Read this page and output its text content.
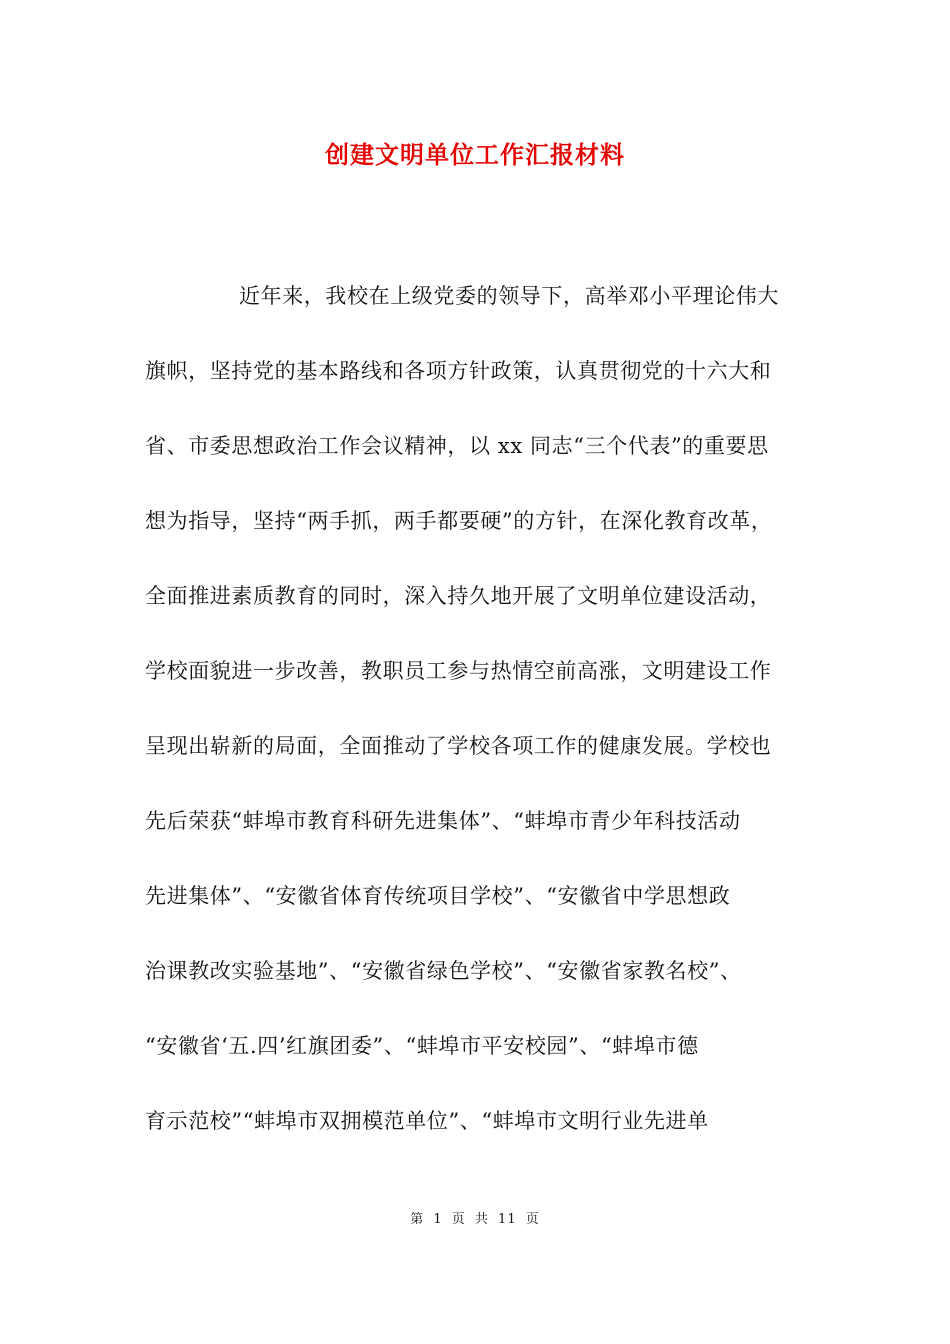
创建文明单位工作汇报材料
近年来，我校在上级党委的领导下，高举邓小平理论伟大
旗帜，坚持党的基本路线和各项方针政策，认真贯彻党的十六大和
省、市委思想政治工作会议精神，以 xx 同志“三个代表”的重要思
想为指导，坚持“两手抓，两手都要硬”的方针，在深化教育改革，
全面推进素质教育的同时，深入持久地开展了文明单位建设活动，
学校面貌进一步改善，教职员工参与热情空前高涨，文明建设工作
呈现出崭新的局面，全面推动了学校各项工作的健康发展。学校也
先后荣获“蚌埠市教育科研先进集体”、“蚌埠市青少年科技活动
先进集体”、“安徽省体育传统项目学校”、“安徽省中学思想政
治课教改实验基地”、“安徽省绿色学校”、“安徽省家教名校”、
“安徽省‘五.四’红旗团委”、“蚌埠市平安校园”、“蚌埠市德
育示范校”“蚌埠市双拥模范单位”、“蚌埠市文明行业先进单
第 1 页 共 11 页
